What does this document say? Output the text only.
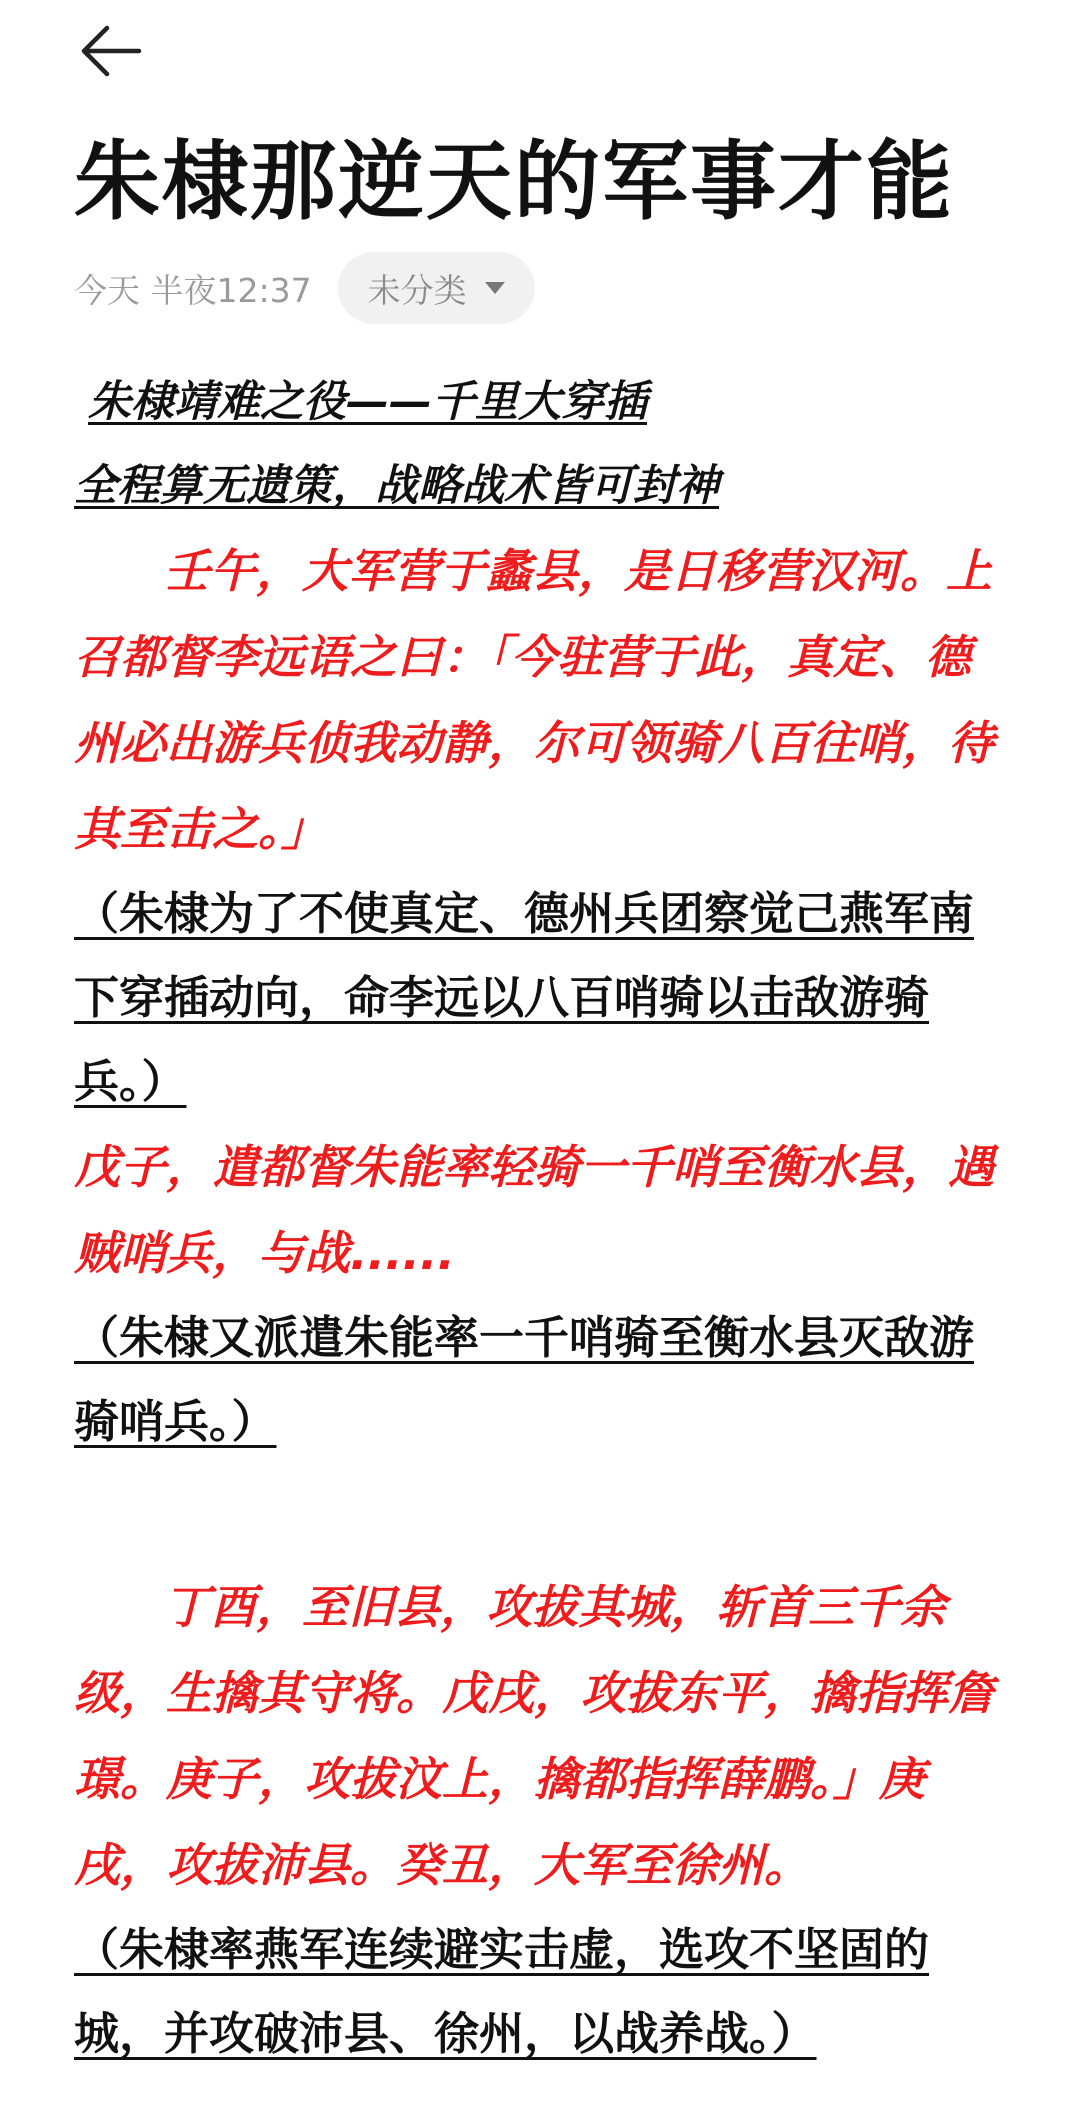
朱棣那逆天的军事才能
今天 半夜12:37 未分类
朱棣靖难之役——千里大穿插
全程算无遗策，战略战术皆可封神
壬午，大军营于蠡县，是日移营汉河。上召都督李远语之曰：「今驻营于此，真定、德州必出游兵侦我动静，尔可领骑八百往哨，待其至击之。」
（朱棣为了不使真定、德州兵团察觉己燕军南下穿插动向，命李远以八百哨骑以击敌游骑兵。）
戊子，遣都督朱能率轻骑一千哨至衡水县，遇贼哨兵，与战......
（朱棣又派遣朱能率一千哨骑至衡水县灭敌游骑哨兵。）
丁酉，至旧县，攻拔其城，斩首三千余级，生擒其守将。戊戌，攻拔东平，擒指挥詹璟。庚子，攻拔汶上，擒都指挥薛鹏。」庚戌，攻拔沛县。癸丑，大军至徐州。
（朱棣率燕军连续避实击虚，选攻不坚固的城，并攻破沛县、徐州，以战养战。）
